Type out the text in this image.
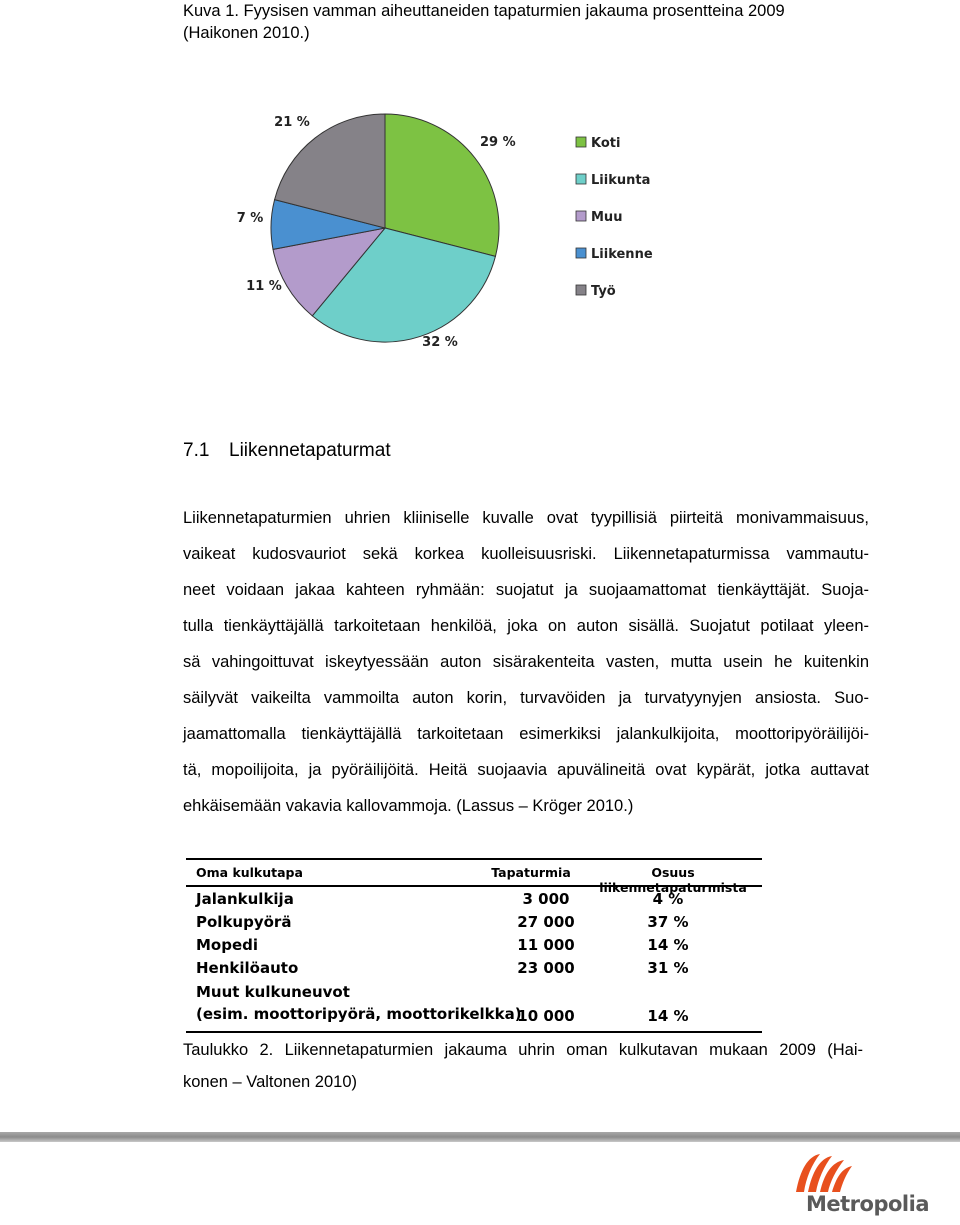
Kuva 1. Fyysisen vamman aiheuttaneiden tapaturmien jakauma prosentteina 2009
(Haikonen 2010.)
29 %
32 %
11 %
7 %
21 %
Koti
Liikunta
Muu
Liikenne
Työ
7.1 Liikennetapaturmat
Liikennetapaturmien uhrien kliiniselle kuvalle ovat tyypillisiä piirteitä monivammaisuus,
vaikeat kudosvauriot sekä korkea kuolleisuusriski. Liikennetapaturmissa vammautu-
neet voidaan jakaa kahteen ryhmään: suojatut ja suojaamattomat tienkäyttäjät. Suoja-
tulla tienkäyttäjällä tarkoitetaan henkilöä, joka on auton sisällä. Suojatut potilaat yleen-
sä vahingoittuvat iskeytyessään auton sisärakenteita vasten, mutta usein he kuitenkin
säilyvät vaikeilta vammoilta auton korin, turvavöiden ja turvatyynyjen ansiosta. Suo-
jaamattomalla tienkäyttäjällä tarkoitetaan esimerkiksi jalankulkijoita, moottoripyöräilijöi-
tä, mopoilijoita, ja pyöräilijöitä. Heitä suojaavia apuvälineitä ovat kypärät, jotka auttavat
ehkäisemään vakavia kallovammoja. (Lassus – Kröger 2010.)
Oma kulkutapa	Tapaturmia	Osuus liikennetapaturmista
Jalankulkija	3 000	4 %
Polkupyörä	27 000	37 %
Mopedi	11 000	14 %
Henkilöauto	23 000	31 %
Muut kulkuneuvot
(esim. moottoripyörä, moottorikelkka)
10 000	14 %
Taulukko 2. Liikennetapaturmien jakauma uhrin oman kulkutavan mukaan 2009 (Hai-
konen – Valtonen 2010)
Metropolia
